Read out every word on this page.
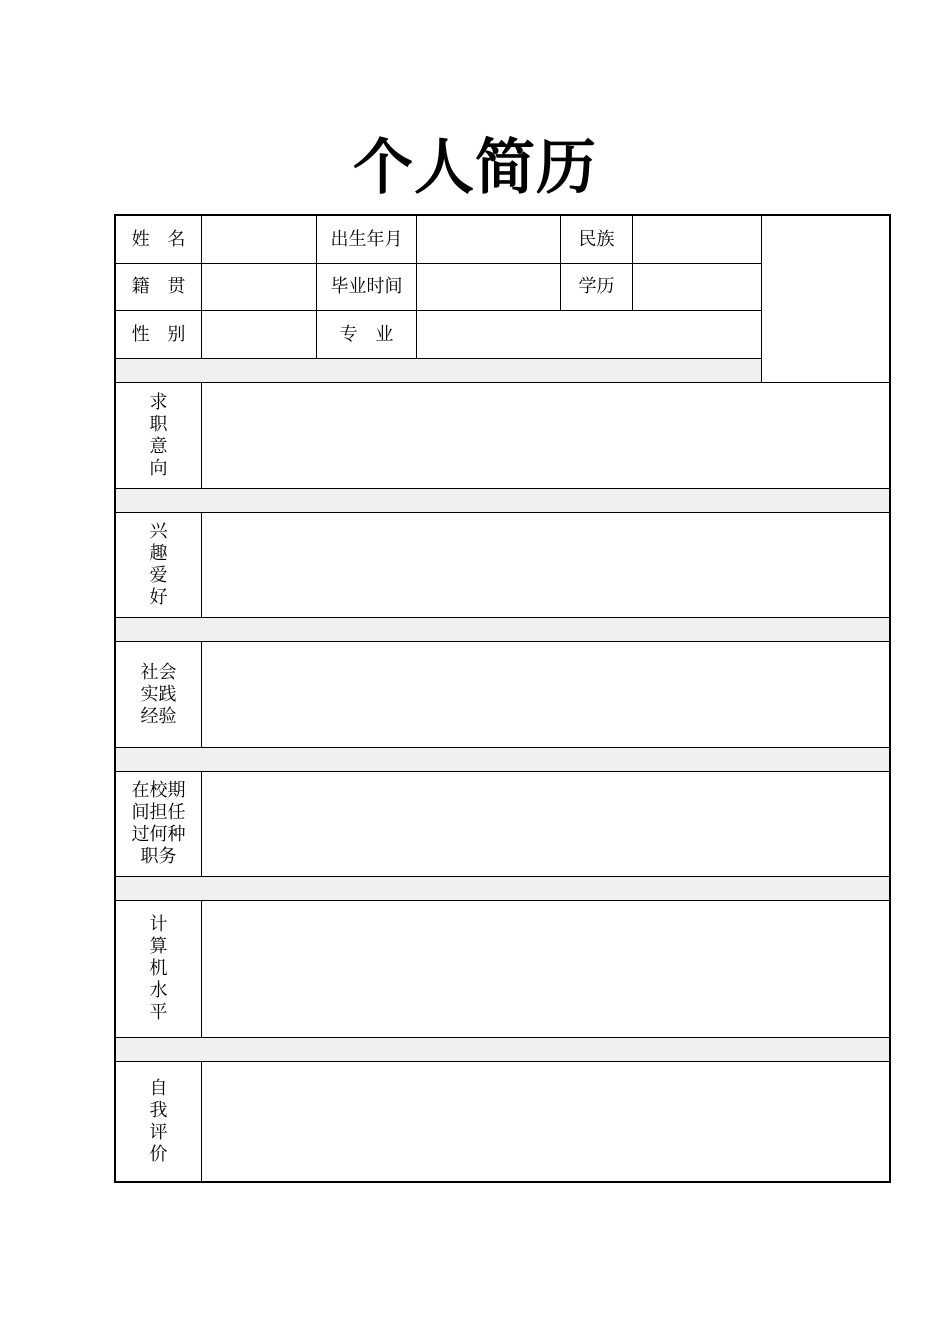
个人简历
姓 名	出生年月	民族
籍 贯	毕业时间	学历
性 别	专 业
求职意向
兴趣爱好
社会实践经验
在校期间担任过何种职务
计算机水平
自我评价
